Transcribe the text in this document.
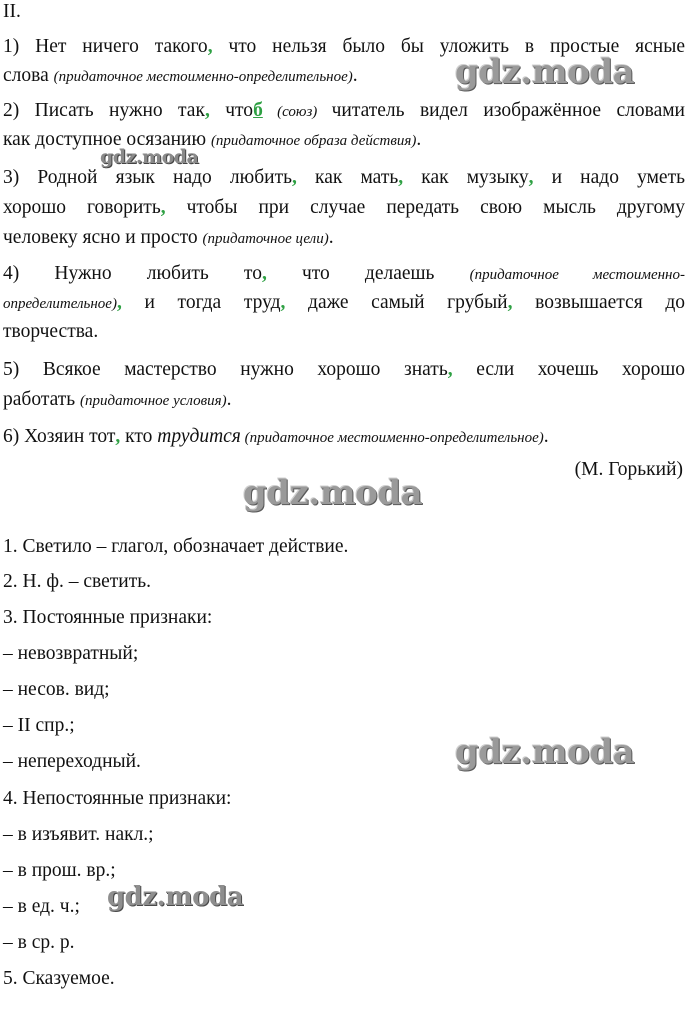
II.
1) Нет ничего такого, что нельзя было бы уложить в простые ясные
слова (придаточное местоименно-определительное).
2) Писать нужно так, чтоб (союз) читатель видел изображённое словами
как доступное осязанию (придаточное образа действия).
3) Родной язык надо любить, как мать, как музыку, и надо уметь
хорошо говорить, чтобы при случае передать свою мысль другому
человеку ясно и просто (придаточное цели).
4) Нужно любить то, что делаешь (придаточное местоименно-
определительное), и тогда труд, даже самый грубый, возвышается до
творчества.
5) Всякое мастерство нужно хорошо знать, если хочешь хорошо
работать (придаточное условия).
6) Хозяин тот, кто трудится (придаточное местоименно-определительное).
(М. Горький)
1. Светило – глагол, обозначает действие.
2. Н. ф. – светить.
3. Постоянные признаки:
– невозвратный;
– несов. вид;
– II спр.;
– непереходный.
4. Непостоянные признаки:
– в изъявит. накл.;
– в прош. вр.;
– в ед. ч.;
– в ср. р.
5. Сказуемое.
gdz.moda
gdz.moda
gdz.moda
gdz.moda
gdz.moda
